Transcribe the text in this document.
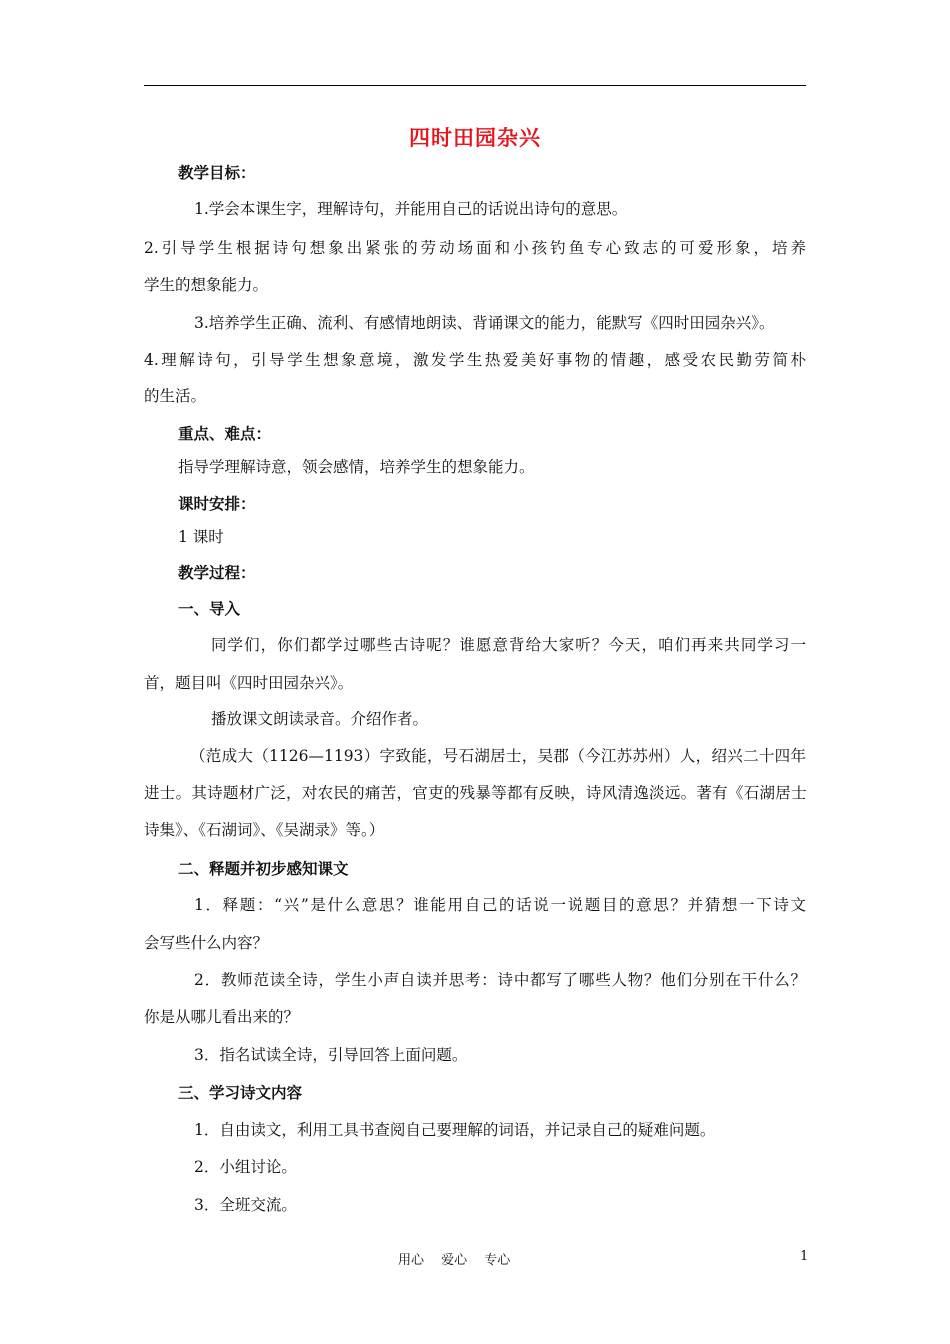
四时田园杂兴
教学目标：
1.学会本课生字，理解诗句，并能用自己的话说出诗句的意思。
2.引导学生根据诗句想象出紧张的劳动场面和小孩钓鱼专心致志的可爱形象，培养
学生的想象能力。
3.培养学生正确、流利、有感情地朗读、背诵课文的能力，能默写《四时田园杂兴》。
4.理解诗句，引导学生想象意境，激发学生热爱美好事物的情趣，感受农民勤劳简朴
的生活。
重点、难点：
指导学理解诗意，领会感情，培养学生的想象能力。
课时安排：
1 课时
教学过程：
一、导入
同学们，你们都学过哪些古诗呢？谁愿意背给大家听？今天，咱们再来共同学习一
首，题目叫《四时田园杂兴》。
播放课文朗读录音。介绍作者。
（范成大（1126—1193）字致能，号石湖居士，吴郡（今江苏苏州）人，绍兴二十四年
进士。其诗题材广泛，对农民的痛苦，官吏的残暴等都有反映，诗风清逸淡远。著有《石湖居士
诗集》、《石湖词》、《吴湖录》等。）
二、释题并初步感知课文
1．释题：“兴”是什么意思？谁能用自己的话说一说题目的意思？并猜想一下诗文
会写些什么内容？
2．教师范读全诗，学生小声自读并思考：诗中都写了哪些人物？他们分别在干什么？
你是从哪儿看出来的？
3．指名试读全诗，引导回答上面问题。
三、学习诗文内容
1．自由读文，利用工具书查阅自己要理解的词语，并记录自己的疑难问题。
2．小组讨论。
3．全班交流。
用心　 爱心　 专心	1
